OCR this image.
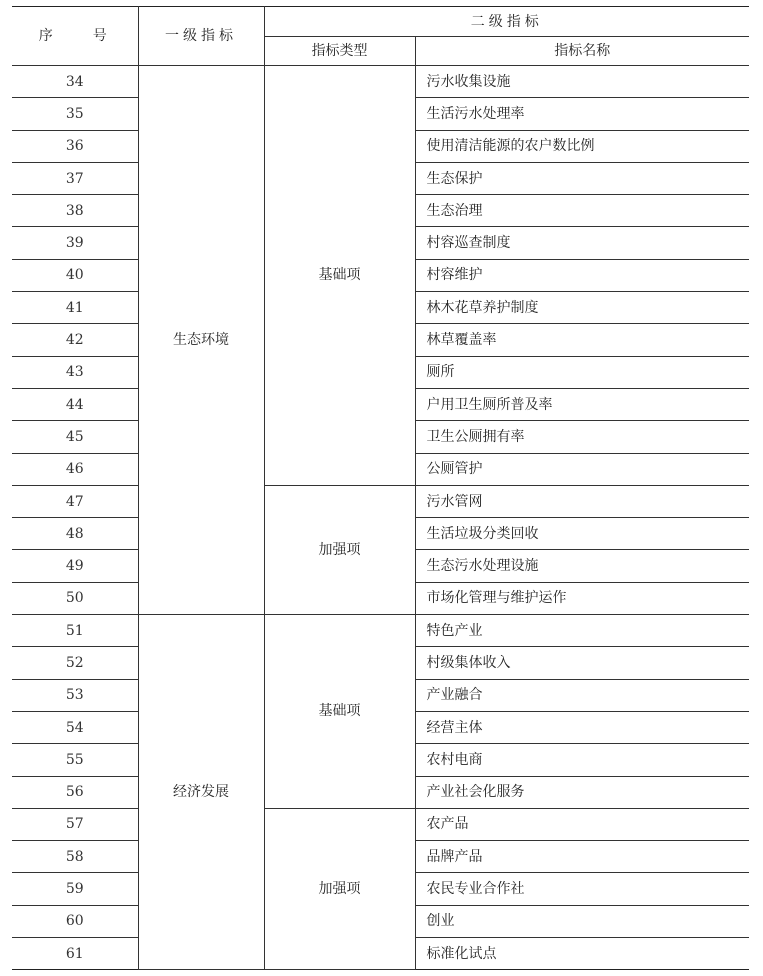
序　　号	一级指标	二级指标	
		指标类型	指标名称
34	生态环境	基础项	污水收集设施
35			生活污水处理率
36			使用清洁能源的农户数比例
37			生态保护
38			生态治理
39			村容巡查制度
40			村容维护
41			林木花草养护制度
42			林草覆盖率
43			厕所
44			户用卫生厕所普及率
45			卫生公厕拥有率
46			公厕管护
47		加强项	污水管网
48			生活垃圾分类回收
49			生态污水处理设施
50			市场化管理与维护运作
51	经济发展	基础项	特色产业
52			村级集体收入
53			产业融合
54			经营主体
55			农村电商
56			产业社会化服务
57		加强项	农产品
58			品牌产品
59			农民专业合作社
60			创业
61			标准化试点
